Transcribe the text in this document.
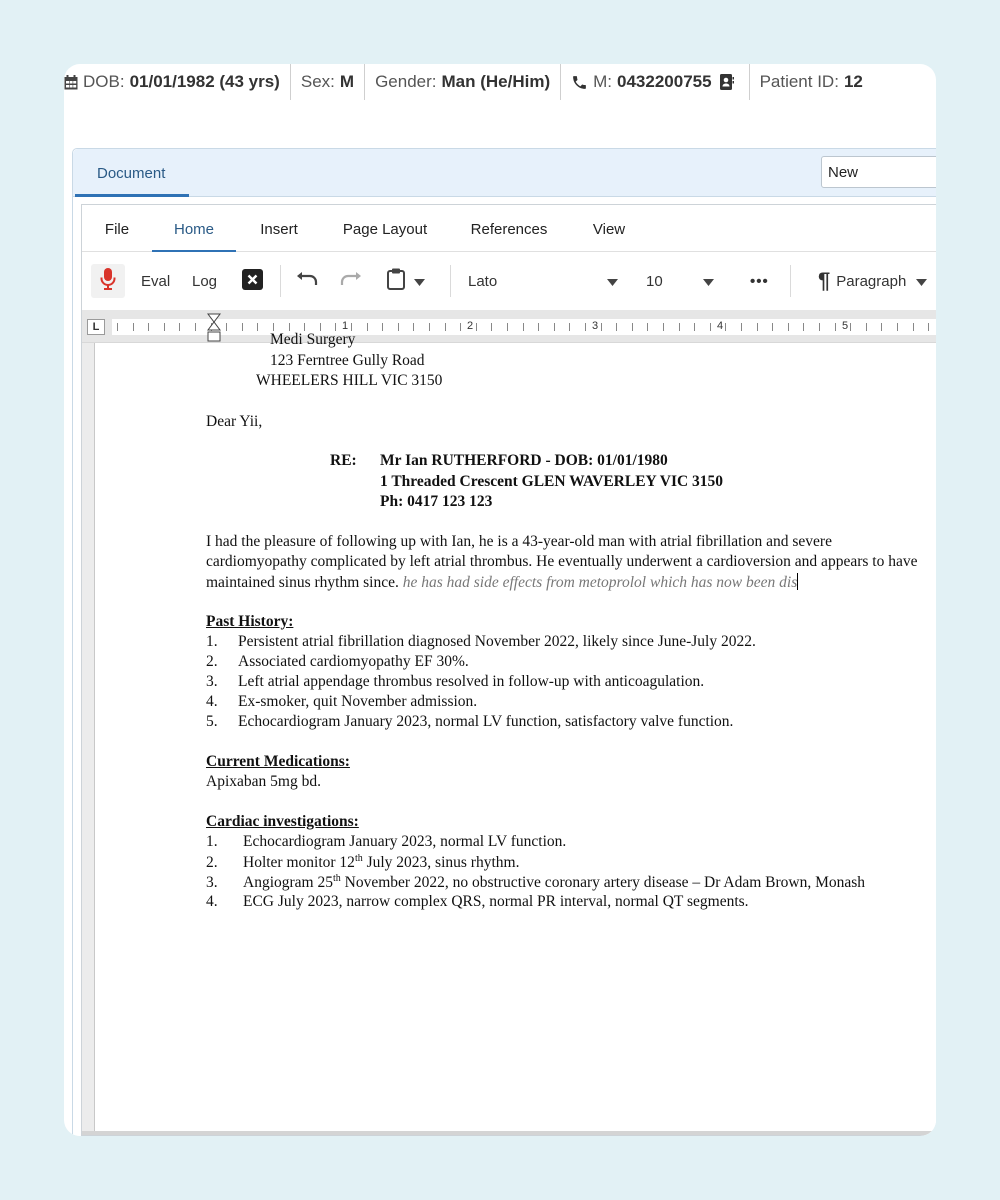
DOB: 01/01/1982 (43 yrs) Sex: M Gender: Man (He/Him)	M: 0432200755	Patient ID: 12
Document	New
File	Home	Insert	Page Layout	References	View
Eval Log	Lato	10	••• ¶ Paragraph
L	1	2	3	4	5
Medi Surgery
123 Ferntree Gully Road
WHEELERS HILL VIC 3150
Dear Yii,
RE: Mr Ian RUTHERFORD - DOB: 01/01/1980
1 Threaded Crescent GLEN WAVERLEY VIC 3150
Ph: 0417 123 123
I had the pleasure of following up with Ian, he is a 43-year-old man with atrial fibrillation and severe
cardiomyopathy complicated by left atrial thrombus. He eventually underwent a cardioversion and appears to have
maintained sinus rhythm since. he has had side effects from metoprolol which has now been dis
Past History:
1. Persistent atrial fibrillation diagnosed November 2022, likely since June-July 2022.
2. Associated cardiomyopathy EF 30%.
3. Left atrial appendage thrombus resolved in follow-up with anticoagulation.
4. Ex-smoker, quit November admission.
5. Echocardiogram January 2023, normal LV function, satisfactory valve function.
Current Medications:
Apixaban 5mg bd.
Cardiac investigations:
1. Echocardiogram January 2023, normal LV function.
2. Holter monitor 12th July 2023, sinus rhythm.
3. Angiogram 25th November 2022, no obstructive coronary artery disease – Dr Adam Brown, Monash
4. ECG July 2023, narrow complex QRS, normal PR interval, normal QT segments.
